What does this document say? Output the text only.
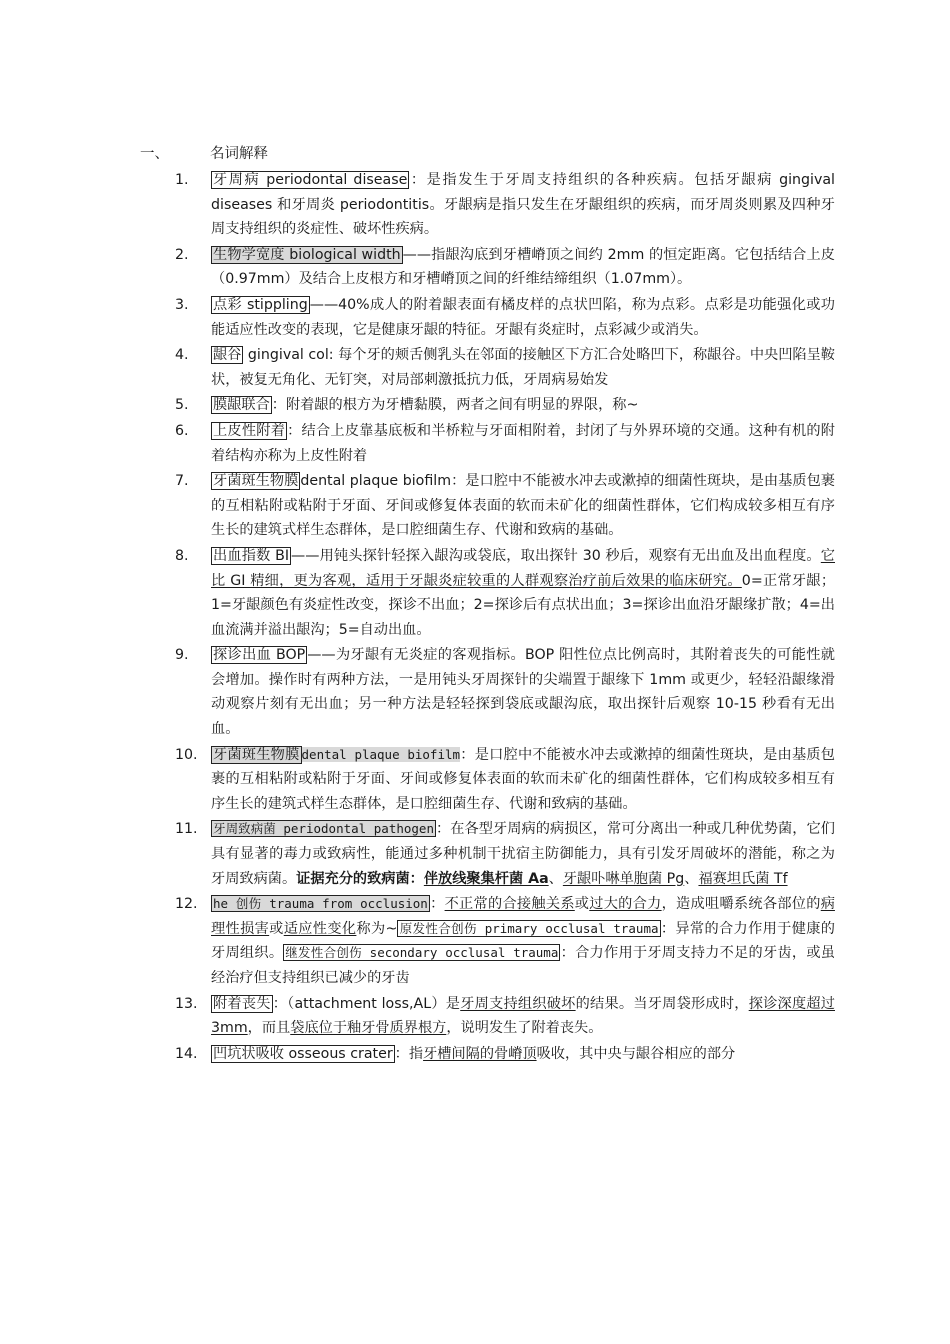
一、	名词解释
1.	牙周病 periodontal disease ：是指发生于牙周支持组织的各种疾病。包括牙龈病 gingival diseases 和牙周炎 periodontitis。牙龈病是指只发生在牙龈组织的疾病，而牙周炎则累及四种牙周支持组织的炎症性、破坏性疾病。
2.	生物学宽度 biological width ——指龈沟底到牙槽嵴顶之间约 2mm 的恒定距离。它包括结合上皮（0.97mm）及结合上皮根方和牙槽嵴顶之间的纤维结缔组织（1.07mm）。
3.	点彩 stippling ——40%成人的附着龈表面有橘皮样的点状凹陷，称为点彩。点彩是功能强化或功能适应性改变的表现，它是健康牙龈的特征。牙龈有炎症时，点彩减少或消失。
4.	龈谷 gingival col: 每个牙的颊舌侧乳头在邻面的接触区下方汇合处略凹下，称龈谷。中央凹陷呈鞍状，被复无角化、无钉突，对局部刺激抵抗力低，牙周病易始发
5.	膜龈联合 ：附着龈的根方为牙槽黏膜，两者之间有明显的界限，称~
6.	上皮性附着 ：结合上皮靠基底板和半桥粒与牙面相附着，封闭了与外界环境的交通。这种有机的附着结构亦称为上皮性附着
7.	牙菌斑生物膜 dental plaque biofilm：是口腔中不能被水冲去或漱掉的细菌性斑块，是由基质包裹的互相粘附或粘附于牙面、牙间或修复体表面的软而未矿化的细菌性群体，它们构成较多相互有序生长的建筑式样生态群体，是口腔细菌生存、代谢和致病的基础。
8.	出血指数 BI ——用钝头探针轻探入龈沟或袋底，取出探针 30 秒后，观察有无出血及出血程度。它比 GI 精细，更为客观，适用于牙龈炎症较重的人群观察治疗前后效果的临床研究。0=正常牙龈；1=牙龈颜色有炎症性改变，探诊不出血；2=探诊后有点状出血；3=探诊出血沿牙龈缘扩散；4=出血流满并溢出龈沟；5=自动出血。
9.	探诊出血 BOP ——为牙龈有无炎症的客观指标。BOP 阳性位点比例高时，其附着丧失的可能性就会增加。操作时有两种方法，一是用钝头牙周探针的尖端置于龈缘下 1mm 或更少，轻轻沿龈缘滑动观察片刻有无出血；另一种方法是轻轻探到袋底或龈沟底，取出探针后观察 10-15 秒看有无出血。
10.	牙菌斑生物膜 dental plaque biofilm：是口腔中不能被水冲去或漱掉的细菌性斑块，是由基质包裹的互相粘附或粘附于牙面、牙间或修复体表面的软而未矿化的细菌性群体，它们构成较多相互有序生长的建筑式样生态群体，是口腔细菌生存、代谢和致病的基础。
11.	牙周致病菌 periodontal pathogen ：在各型牙周病的病损区，常可分离出一种或几种优势菌，它们具有显著的毒力或致病性，能通过多种机制干扰宿主防御能力，具有引发牙周破坏的潜能，称之为牙周致病菌。证据充分的致病菌：伴放线聚集杆菌 Aa、牙龈卟啉单胞菌 Pg、福赛坦氏菌 Tf
12.	he 创伤 trauma from occlusion ：不正常的合接触关系或过大的合力，造成咀嚼系统各部位的病理性损害或适应性变化称为~ 原发性合创伤 primary occlusal trauma ：异常的合力作用于健康的牙周组织。 继发性合创伤 secondary occlusal trauma ：合力作用于牙周支持力不足的牙齿，或虽经治疗但支持组织已减少的牙齿
13.	附着丧失 ：（attachment loss,AL）是牙周支持组织破坏的结果。当牙周袋形成时，探诊深度超过 3mm，而且袋底位于釉牙骨质界根方，说明发生了附着丧失。
14.	凹坑状吸收 osseous crater ：指牙槽间隔的骨嵴顶吸收，其中央与龈谷相应的部分
